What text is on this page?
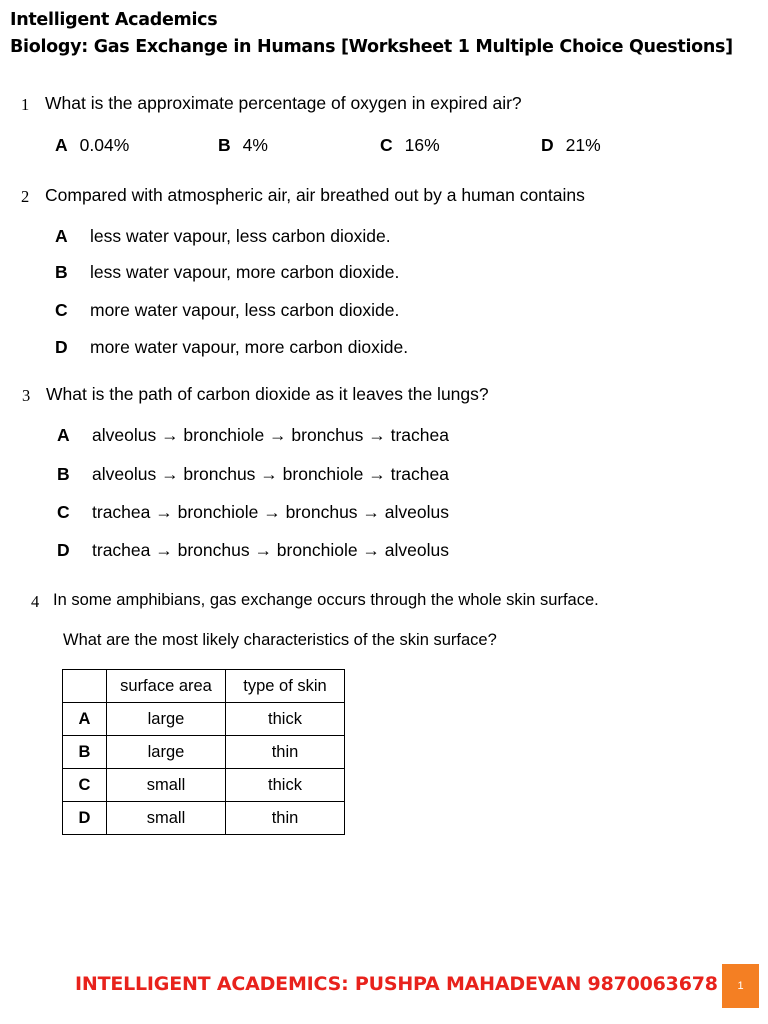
Intelligent Academics
Biology: Gas Exchange in Humans [Worksheet 1 Multiple Choice Questions]
1 What is the approximate percentage of oxygen in expired air?
A 0.04%	B 4%	C 16%	D 21%
2 Compared with atmospheric air, air breathed out by a human contains
A less water vapour, less carbon dioxide.
B less water vapour, more carbon dioxide.
C more water vapour, less carbon dioxide.
D more water vapour, more carbon dioxide.
3 What is the path of carbon dioxide as it leaves the lungs?
A alveolus → bronchiole → bronchus → trachea
B alveolus → bronchus → bronchiole → trachea
C trachea → bronchiole → bronchus → alveolus
D trachea → bronchus → bronchiole → alveolus
4 In some amphibians, gas exchange occurs through the whole skin surface.
What are the most likely characteristics of the skin surface?
	surface area	type of skin
A	large	thick
B	large	thin
C	small	thick
D	small	thin
INTELLIGENT ACADEMICS: PUSHPA MAHADEVAN 9870063678	1
